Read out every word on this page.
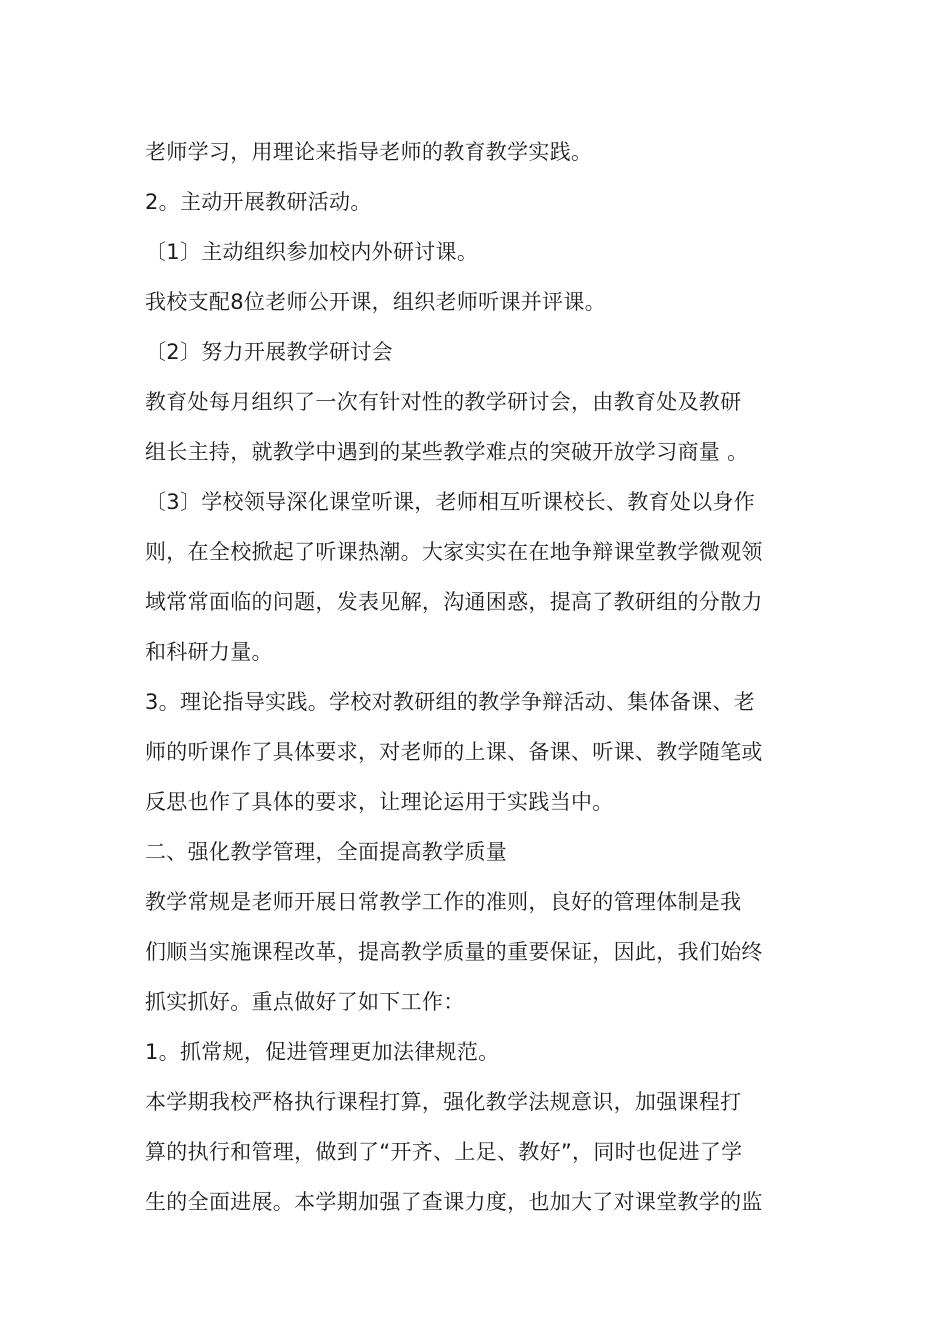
老师学习，用理论来指导老师的教育教学实践。
2。主动开展教研活动。
〔1〕主动组织参加校内外研讨课。
我校支配8位老师公开课，组织老师听课并评课。
〔2〕努力开展教学研讨会
教育处每月组织了一次有针对性的教学研讨会，由教育处及教研
组长主持，就教学中遇到的某些教学难点的突破开放学习商量 。
〔3〕学校领导深化课堂听课，老师相互听课校长、教育处以身作
则，在全校掀起了听课热潮。大家实实在在地争辩课堂教学微观领
域常常面临的问题，发表见解，沟通困惑，提高了教研组的分散力
和科研力量。
3。理论指导实践。学校对教研组的教学争辩活动、集体备课、老
师的听课作了具体要求，对老师的上课、备课、听课、教学随笔或
反思也作了具体的要求，让理论运用于实践当中。
二、强化教学管理，全面提高教学质量
教学常规是老师开展日常教学工作的准则，良好的管理体制是我
们顺当实施课程改革，提高教学质量的重要保证，因此，我们始终
抓实抓好。重点做好了如下工作：
1。抓常规，促进管理更加法律规范。
本学期我校严格执行课程打算，强化教学法规意识，加强课程打
算的执行和管理，做到了“开齐、上足、教好”，同时也促进了学
生的全面进展。本学期加强了查课力度，也加大了对课堂教学的监
